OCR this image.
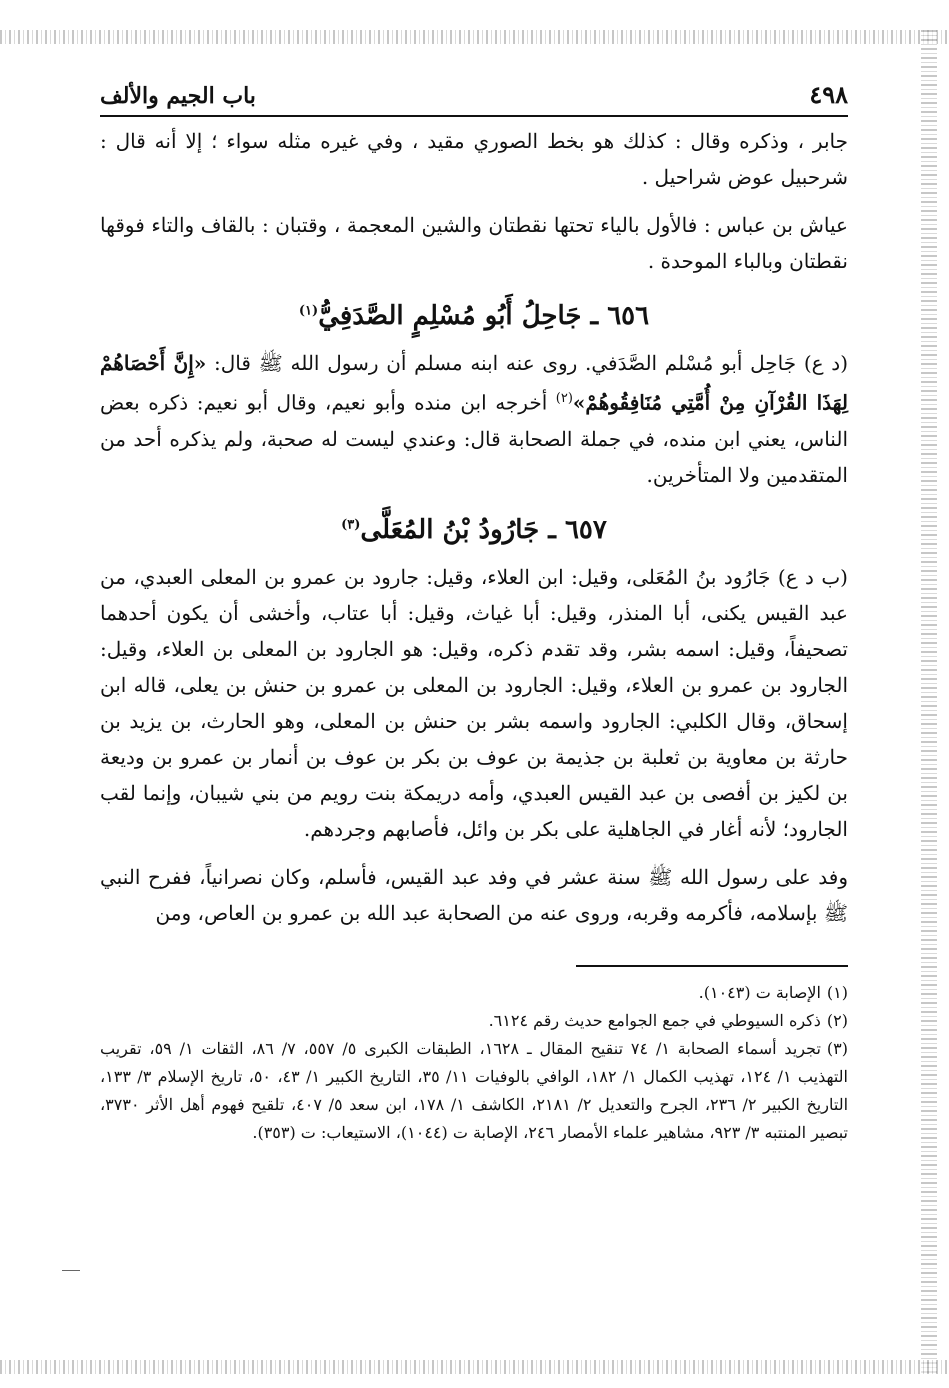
٤٩٨
باب الجيم والألف

جابر ، وذكره وقال : كذلك هو بخط الصوري مقيد ، وفي غيره مثله سواء ؛ إلا أنه قال : شرحبيل عوض شراحيل .

عياش بن عباس : فالأول بالياء تحتها نقطتان والشين المعجمة ، وقتبان : بالقاف والتاء فوقها نقطتان وبالباء الموحدة .

٦٥٦ ـ جَاحِلُ أَبُو مُسْلِمٍ الصَّدَفِيُّ$^{(١)}$

(د ع) جَاحِل أبو مُسْلم الصَّدَفي. روى عنه ابنه مسلم أن رسول الله ﷺ قال: «إِنَّ أَحْصَاهُمْ لِهَذَا القُرْآنِ مِنْ أُمَّتِي مُنَافِقُوهُمْ»$^{(٢)}$ أخرجه ابن منده وأبو نعيم، وقال أبو نعيم: ذكره بعض الناس، يعني ابن منده، في جملة الصحابة قال: وعندي ليست له صحبة، ولم يذكره أحد من المتقدمين ولا المتأخرين.

٦٥٧ ـ جَارُودُ بْنُ المُعَلَّى$^{(٣)}$

(ب د ع) جَارُود بنُ المُعَلى، وقيل: ابن العلاء، وقيل: جارود بن عمرو بن المعلى العبدي، من عبد القيس يكنى، أبا المنذر، وقيل: أبا غياث، وقيل: أبا عتاب، وأخشى أن يكون أحدهما تصحيفاً، وقيل: اسمه بشر، وقد تقدم ذكره، وقيل: هو الجارود بن المعلى بن العلاء، وقيل: الجارود بن عمرو بن العلاء، وقيل: الجارود بن المعلى بن عمرو بن حنش بن يعلى، قاله ابن إسحاق، وقال الكلبي: الجارود واسمه بشر بن حنش بن المعلى، وهو الحارث، بن يزيد بن حارثة بن معاوية بن ثعلبة بن جذيمة بن عوف بن بكر بن عوف بن أنمار بن عمرو بن وديعة بن لكيز بن أفصى بن عبد القيس العبدي، وأمه دريمكة بنت رويم من بني شيبان، وإنما لقب الجارود؛ لأنه أغار في الجاهلية على بكر بن وائل، فأصابهم وجردهم.

وفد على رسول الله ﷺ سنة عشر في وفد عبد القيس، فأسلم، وكان نصرانياً، ففرح النبي ﷺ بإسلامه، فأكرمه وقربه، وروى عنه من الصحابة عبد الله بن عمرو بن العاص، ومن

(١)الإصابة ت (١٠٤٣).

(٢)ذكره السيوطي في جمع الجوامع حديث رقم ٦١٢٤.

(٣)تجريد أسماء الصحابة ١/ ٧٤ تنقيح المقال ـ ١٦٢٨، الطبقات الكبرى ٥/ ٥٥٧، ٧/ ٨٦، الثقات ١/ ٥٩، تقريب التهذيب ١/ ١٢٤، تهذيب الكمال ١/ ١٨٢، الوافي بالوفيات ١١/ ٣٥، التاريخ الكبير ١/ ٤٣، ٥٠، تاريخ الإسلام ٣/ ١٣٣، التاريخ الكبير ٢/ ٢٣٦، الجرح والتعديل ٢/ ٢١٨١، الكاشف ١/ ١٧٨، ابن سعد ٥/ ٤٠٧، تلقيح فهوم أهل الأثر ٣٧٣٠، تبصير المنتبه ٣/ ٩٢٣، مشاهير علماء الأمصار ٢٤٦، الإصابة ت (١٠٤٤)، الاستيعاب: ت (٣٥٣).
